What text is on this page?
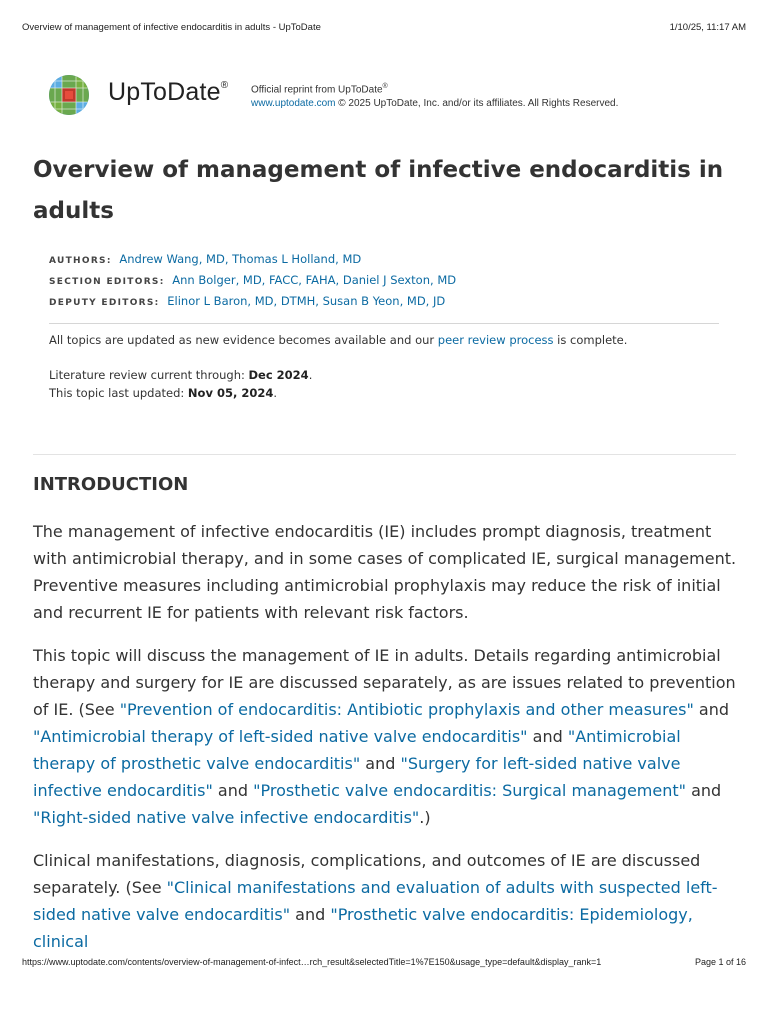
Overview of management of infective endocarditis in adults - UpToDate	1/10/25, 11:17 AM
UpToDate® Official reprint from UpToDate®
www.uptodate.com © 2025 UpToDate, Inc. and/or its affiliates. All Rights Reserved.
Overview of management of infective endocarditis in adults
AUTHORS: Andrew Wang, MD, Thomas L Holland, MD
SECTION EDITORS: Ann Bolger, MD, FACC, FAHA, Daniel J Sexton, MD
DEPUTY EDITORS: Elinor L Baron, MD, DTMH, Susan B Yeon, MD, JD
All topics are updated as new evidence becomes available and our peer review process is complete.
Literature review current through: Dec 2024.
This topic last updated: Nov 05, 2024.
INTRODUCTION

The management of infective endocarditis (IE) includes prompt diagnosis, treatment with antimicrobial therapy, and in some cases of complicated IE, surgical management. Preventive measures including antimicrobial prophylaxis may reduce the risk of initial and recurrent IE for patients with relevant risk factors.

This topic will discuss the management of IE in adults. Details regarding antimicrobial therapy and surgery for IE are discussed separately, as are issues related to prevention of IE. (See "Prevention of endocarditis: Antibiotic prophylaxis and other measures" and "Antimicrobial therapy of left-sided native valve endocarditis" and "Antimicrobial therapy of prosthetic valve endocarditis" and "Surgery for left-sided native valve infective endocarditis" and "Prosthetic valve endocarditis: Surgical management" and "Right-sided native valve infective endocarditis".)

Clinical manifestations, diagnosis, complications, and outcomes of IE are discussed separately. (See "Clinical manifestations and evaluation of adults with suspected left-sided native valve endocarditis" and "Prosthetic valve endocarditis: Epidemiology, clinical

https://www.uptodate.com/contents/overview-of-management-of-infect…rch_result&selectedTitle=1%7E150&usage_type=default&display_rank=1	Page 1 of 16
